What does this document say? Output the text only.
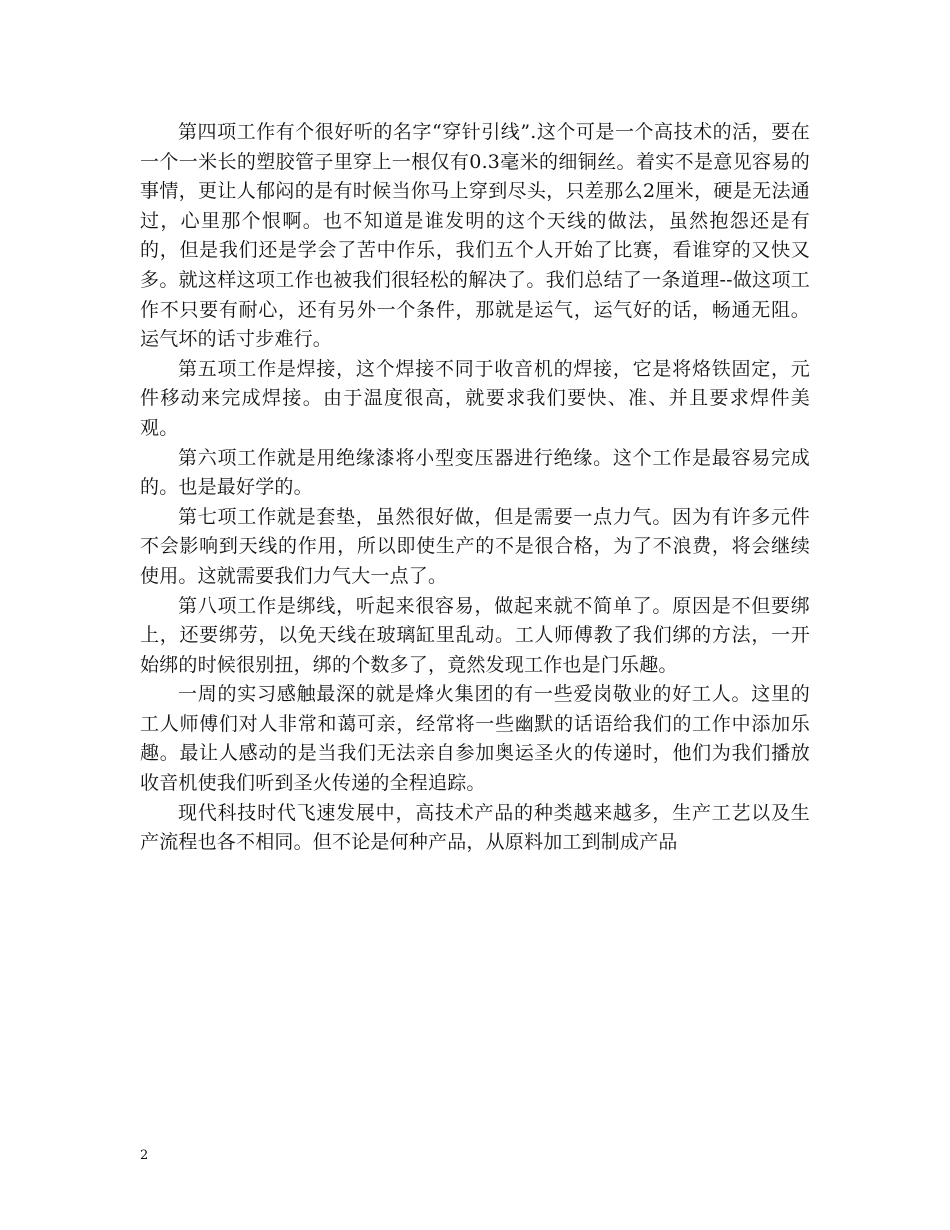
第四项工作有个很好听的名字“穿针引线”.这个可是一个高技术的活，要在一个一米长的塑胶管子里穿上一根仅有0.3毫米的细铜丝。着实不是意见容易的事情，更让人郁闷的是有时候当你马上穿到尽头，只差那么2厘米，硬是无法通过，心里那个恨啊。也不知道是谁发明的这个天线的做法，虽然抱怨还是有的，但是我们还是学会了苦中作乐，我们五个人开始了比赛，看谁穿的又快又多。就这样这项工作也被我们很轻松的解决了。我们总结了一条道理--做这项工作不只要有耐心，还有另外一个条件，那就是运气，运气好的话，畅通无阻。运气坏的话寸步难行。

第五项工作是焊接，这个焊接不同于收音机的焊接，它是将烙铁固定，元件移动来完成焊接。由于温度很高，就要求我们要快、准、并且要求焊件美观。

第六项工作就是用绝缘漆将小型变压器进行绝缘。这个工作是最容易完成的。也是最好学的。

第七项工作就是套垫，虽然很好做，但是需要一点力气。因为有许多元件不会影响到天线的作用，所以即使生产的不是很合格，为了不浪费，将会继续使用。这就需要我们力气大一点了。

第八项工作是绑线，听起来很容易，做起来就不简单了。原因是不但要绑上，还要绑劳，以免天线在玻璃缸里乱动。工人师傅教了我们绑的方法，一开始绑的时候很别扭，绑的个数多了，竟然发现工作也是门乐趣。

一周的实习感触最深的就是烽火集团的有一些爱岗敬业的好工人。这里的工人师傅们对人非常和蔼可亲，经常将一些幽默的话语给我们的工作中添加乐趣。最让人感动的是当我们无法亲自参加奥运圣火的传递时，他们为我们播放收音机使我们听到圣火传递的全程追踪。

现代科技时代飞速发展中，高技术产品的种类越来越多，生产工艺以及生产流程也各不相同。但不论是何种产品，从原料加工到制成产品

2
